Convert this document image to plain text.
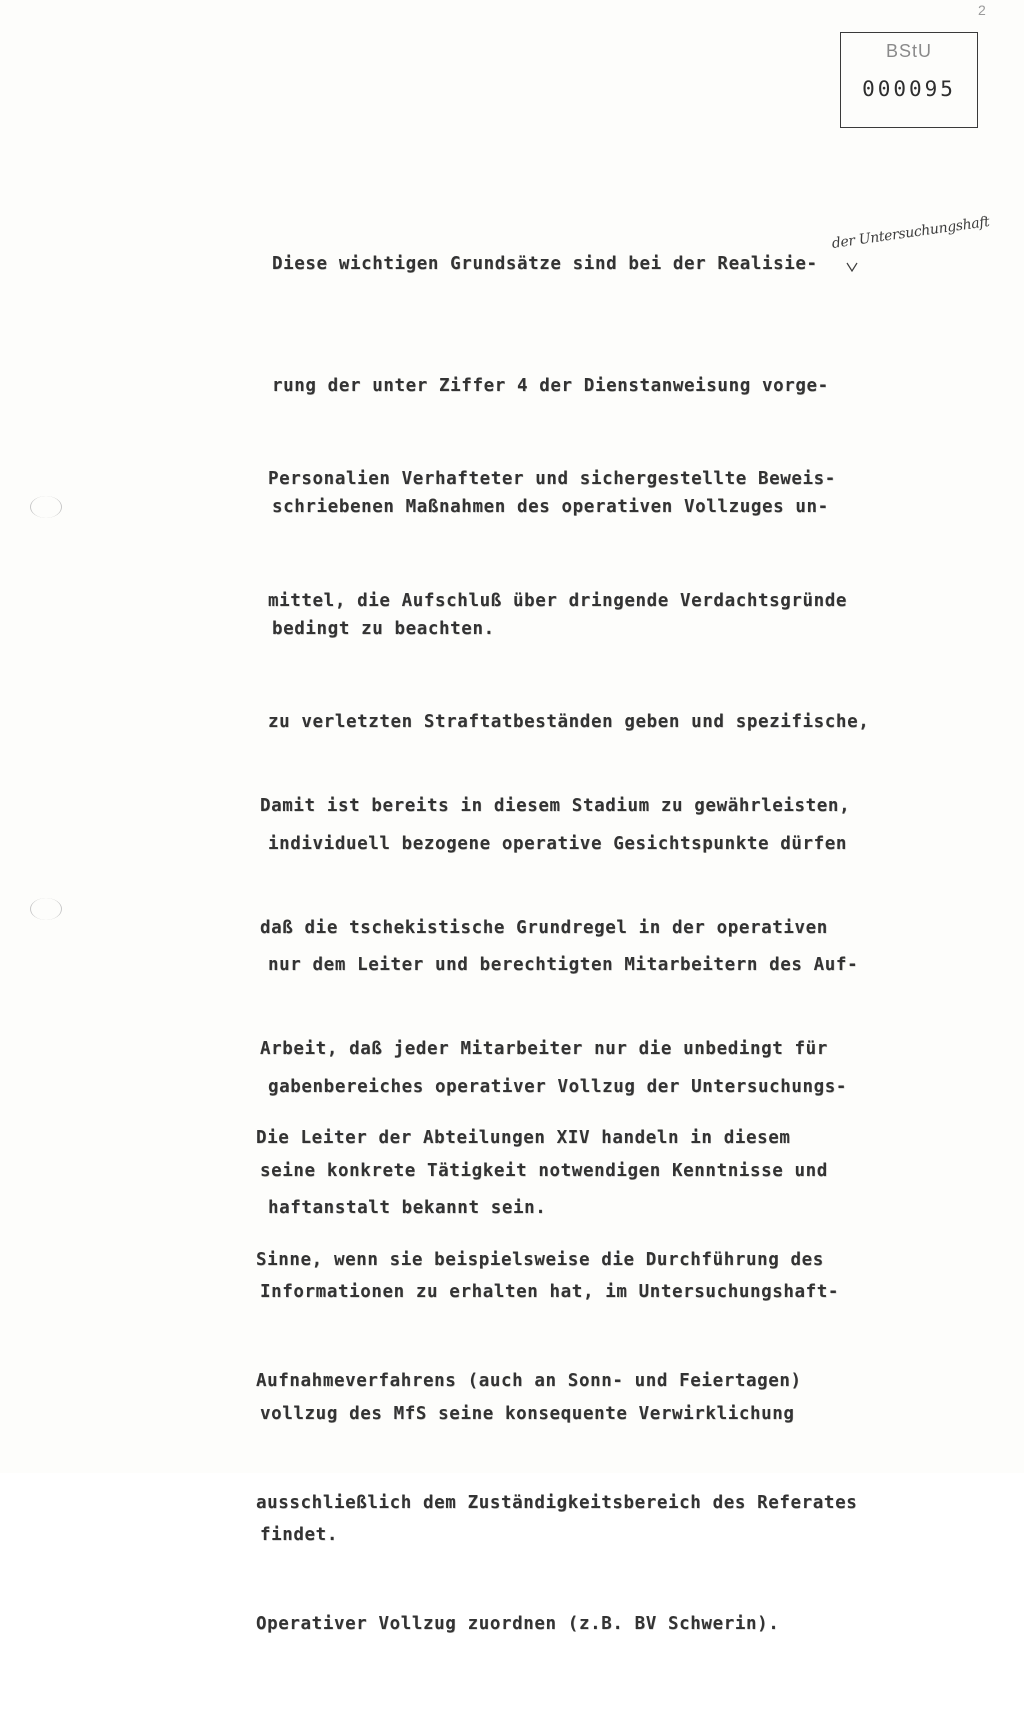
2
BStU
000095

Diese wichtigen Grundsätze sind bei der Realisie-

rung der unter Ziffer 4 der Dienstanweisung vorge-

schriebenen Maßnahmen des operativen Vollzuges un-

bedingt zu beachten.

der Untersuchungshaft

Personalien Verhafteter und sichergestellte Beweis-

mittel, die Aufschluß über dringende Verdachtsgründe

zu verletzten Straftatbeständen geben und spezifische,

individuell bezogene operative Gesichtspunkte dürfen

nur dem Leiter und berechtigten Mitarbeitern des Auf-

gabenbereiches operativer Vollzug der Untersuchungs-

haftanstalt bekannt sein.

Damit ist bereits in diesem Stadium zu gewährleisten,

daß die tschekistische Grundregel in der operativen

Arbeit, daß jeder Mitarbeiter nur die unbedingt für

seine konkrete Tätigkeit notwendigen Kenntnisse und

Informationen zu erhalten hat, im Untersuchungshaft-

vollzug des MfS seine konsequente Verwirklichung

findet.

Die Leiter der Abteilungen XIV handeln in diesem

Sinne, wenn sie beispielsweise die Durchführung des

Aufnahmeverfahrens (auch an Sonn- und Feiertagen)

ausschließlich dem Zuständigkeitsbereich des Referates

Operativer Vollzug zuordnen (z.B. BV Schwerin).
